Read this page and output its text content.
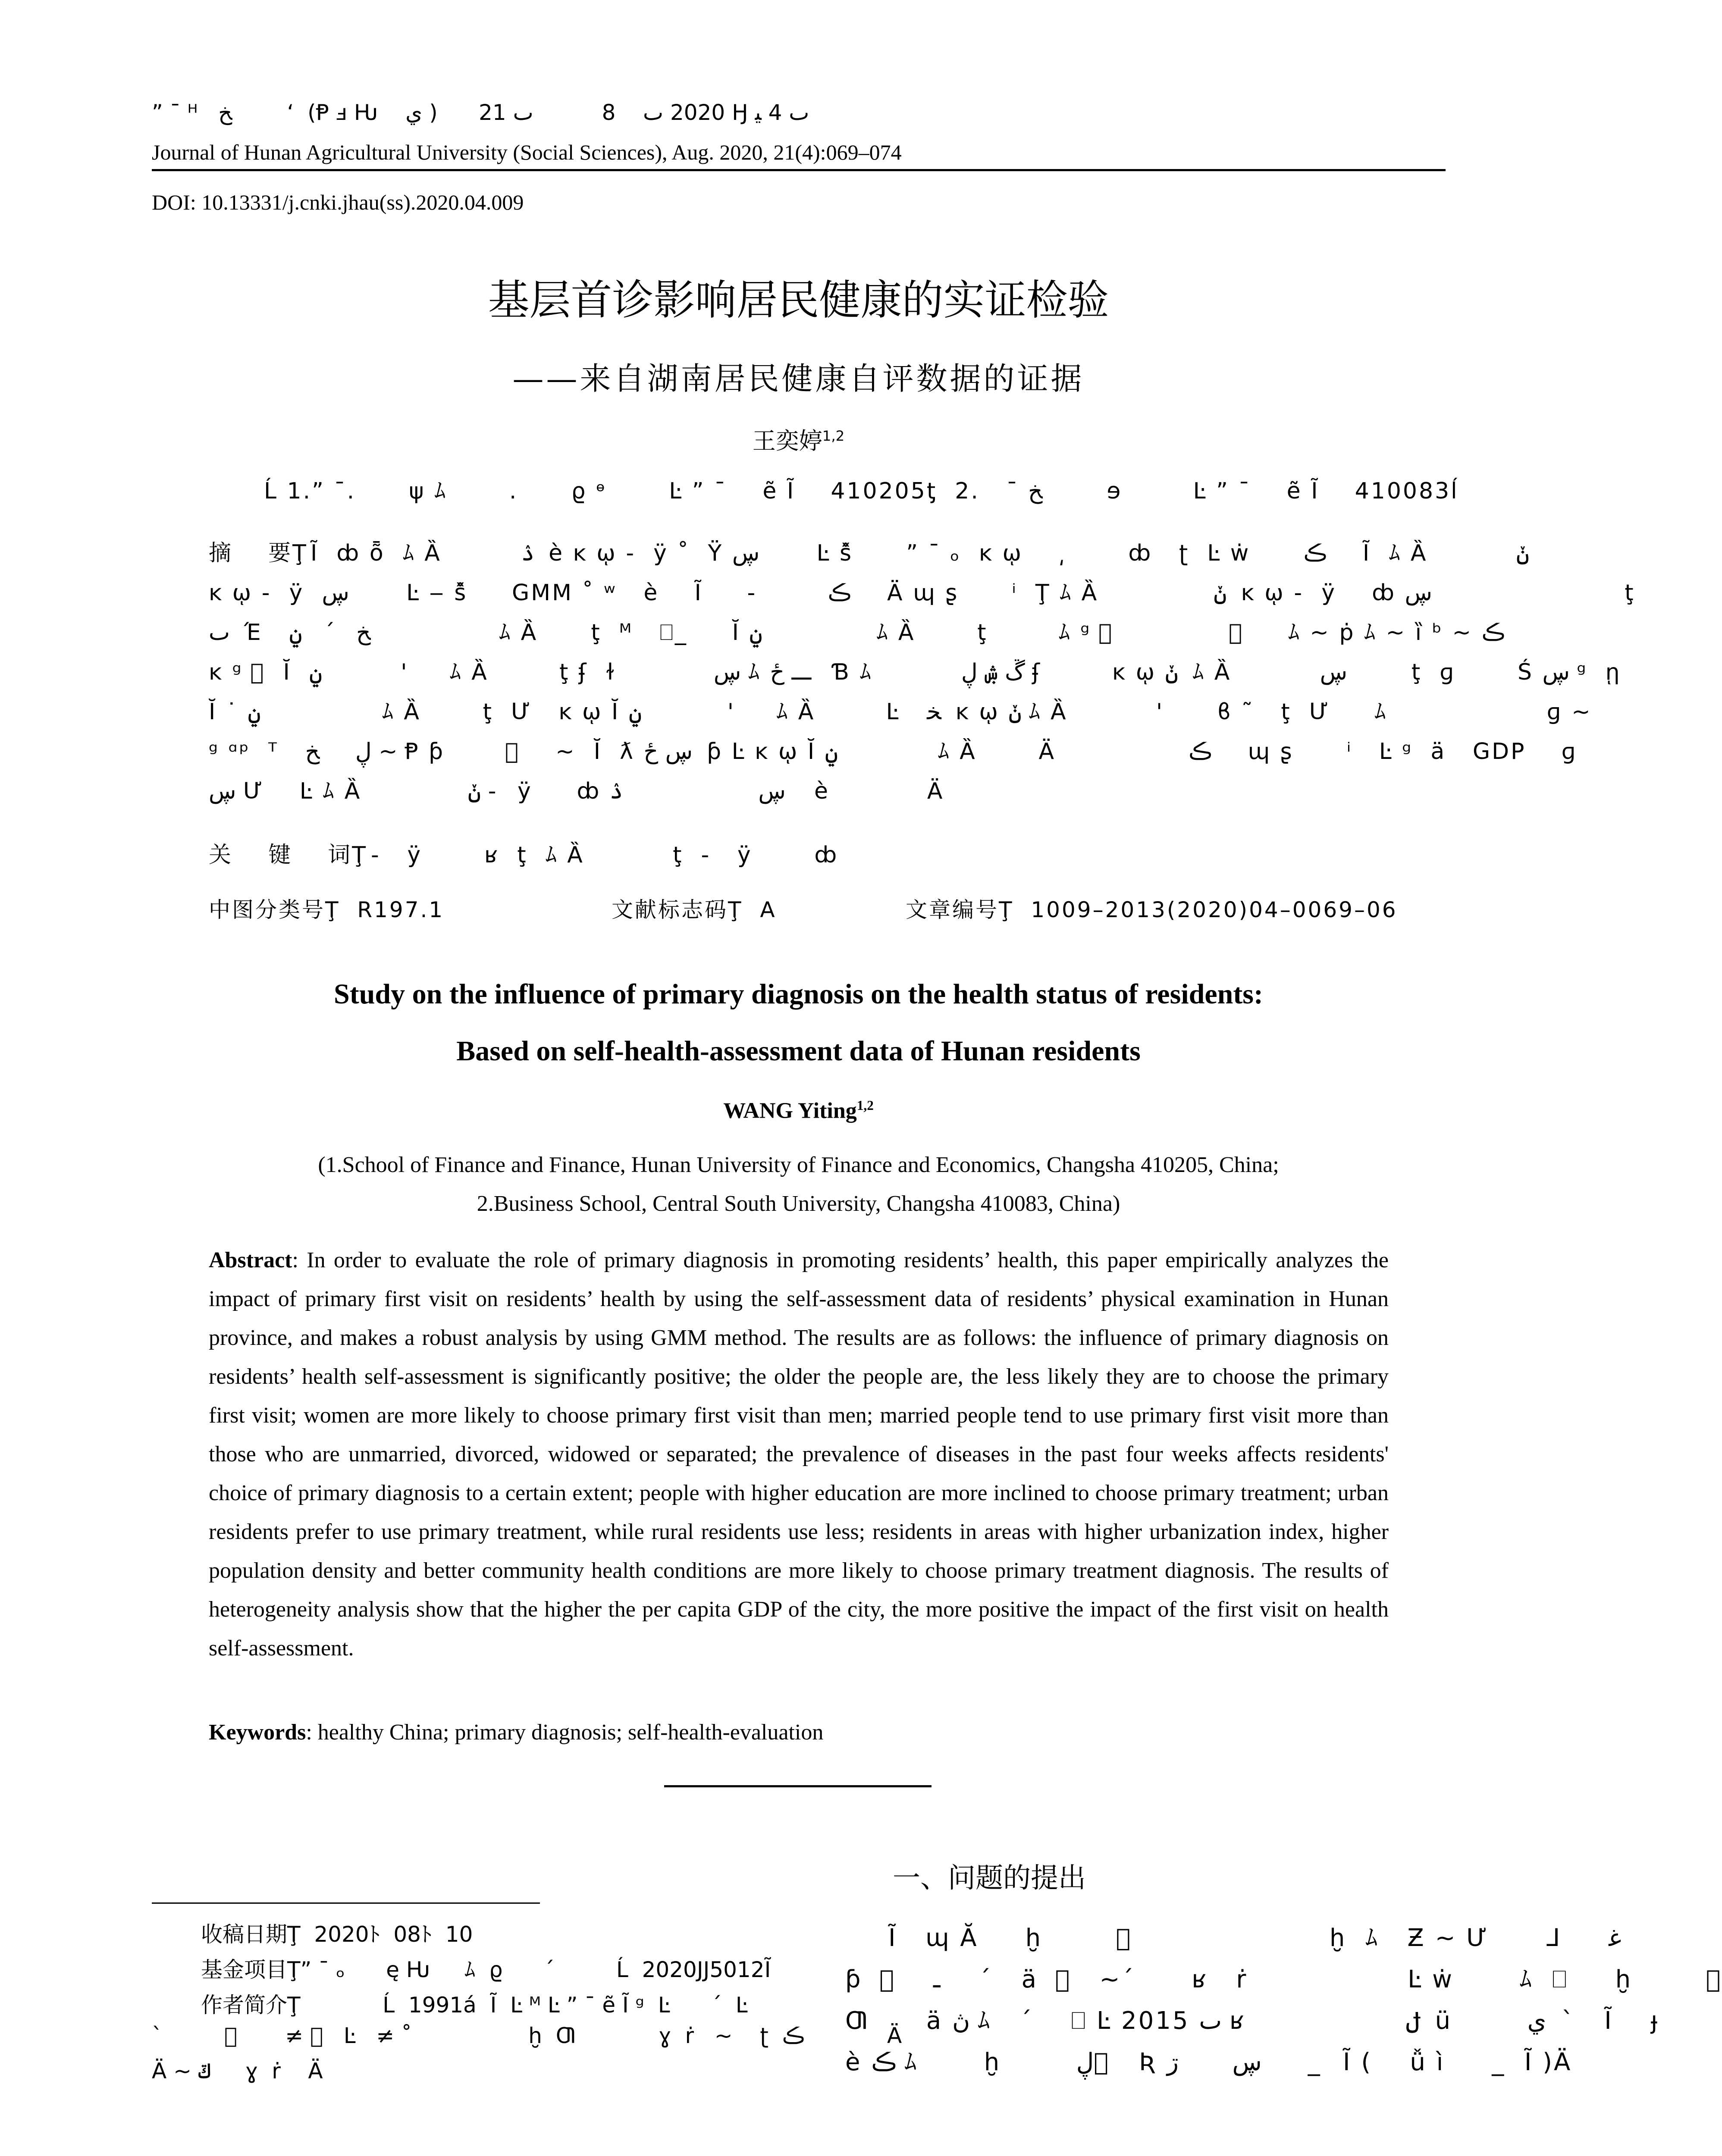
” ¯ ᴴ   ﺦ        ʻ  (Ᵽ ⅎ Ƕ    ي )      2020 ٮ    8          ٮ 21 Ꜧ ٮ 4 ﯿ
Journal of Hunan Agricultural University (Social Sciences), Aug. 2020, 21(4):069–074
DOI: 10.13331/j.cnki.jhau(ss).2020.04.009
基层首诊影响居民健康的实证检验
——来自湖南居民健康自评数据的证据
王奕婷$^{1,2}$
Ĺ 1.” ¯.      ψ ﾑ       .      ϱ ᶱ       Ŀ ” ¯    ẽ Ĩ    410205ƫ  2.   ¯ ﺦ         ɘ        Ŀ ” ¯    ẽ Ĩ    410083ĺ
摘    要Ţ Ĩ  ȸ ȭ  ﾑ Ȁ         ۮ  è ĸ ῳ -  ÿ ˚  Ÿ ڛ        Ŀ ŝ̌      ” ¯ ₒ  ĸ ῳ    ͵       ȸ   ʈ  Ŀ ẇ      ڪ     Ĩ  ﾑ Ȁ          ݩ
ĸ ῳ -  ÿ  ڛ        Ŀ ‒ ŝ̌     GMM ˚ ʷ   è    Ĩ     -        ڪ     Ä ɰ ʂ      ⁱ  Ţ ﾑ Ȁ             ݩ  ĸ ῳ -  ÿ    ȸ ڛ                           ţ
ٮ  Έ   ﺦ   ´   ݧ                  ﾑ Ȁ      ţ  ᴹ   ⎕_     Ĭ ݧ                ﾑ Ȁ       ţ        ﾑ ᵍ ᪶             ⎕     ﾑ ~ ṗ ﾑ ~ ȉ ᵇ ~ ڪ
ĸ ᵍ ᪶  Ĭ  ݧ           '      ﾑ Ȁ        ţ ʄ  ɫ           ڛ ﾑ ـــ ځ   Ɓ ﾑ          ڱ ۺ ڸ ʄ        ĸ ῳ ݩ  ﾑ Ȁ          ڛ         ţ  ɡ       Ś ڛ ᵍ  ῃ
Ĭ ˙ ݧ                 ﾑ Ȁ       ţ  Ư   ĸ ῳ Ĭ ݧ            '      ﾑ Ȁ        Ŀ   ﺨ  ĸ ῳ ݩ ﾑ Ȁ          '      ϐ ˜   ţ  Ư     ﾑ                  ɡ ~
ᵍ ᵅᵖ  ᵀ   ڸ     ﺦ ~ Ᵽ ƥ       ᪶    ~  Ĭ  ƛ ڛ ځ  ƥ Ŀ ĸ ῳ Ĭ ݧ              ﾑ Ȁ       Ä               ڪ     ɰ ʂ      ⁱ   Ŀ ᵍ  ä   GDP    ɡ
ڛ Ư    Ŀ ﾑ Ȁ            ݩ -   ÿ     ȸ ڛ                   ۮ    è           Ä
关    键    词Ţ -   ÿ       ʁ  ţ  ﾑ Ȁ          ţ  -   ÿ       ȸ
中图分类号Ţ  R197.1	文献标志码Ţ  A	文章编号Ţ  1009–2013(2020)04–0069–06
Study on the influence of primary diagnosis on the health status of residents:
Based on self-health-assessment data of Hunan residents
WANG Yiting$^{1,2}$
(1.School of Finance and Finance, Hunan University of Finance and Economics, Changsha 410205, China;
2.Business School, Central South University, Changsha 410083, China)
Abstract: In order to evaluate the role of primary diagnosis in promoting residents’ health, this paper empirically analyzes the impact of primary first visit on residents’ health by using the self-assessment data of residents’ physical examination in Hunan province, and makes a robust analysis by using GMM method. The results are as follows: the influence of primary diagnosis on residents’ health self-assessment is significantly positive; the older the people are, the less likely they are to choose the primary first visit; women are more likely to choose primary first visit than men; married people tend to use primary first visit more than those who are unmarried, divorced, widowed or separated; the prevalence of diseases in the past four weeks affects residents' choice of primary diagnosis to a certain extent; people with higher education are more inclined to choose primary treatment; urban residents prefer to use primary treatment, while rural residents use less; residents in areas with higher urbanization index, higher population density and better community health conditions are more likely to choose primary treatment diagnosis. The results of heterogeneity analysis show that the higher the per capita GDP of the city, the more positive the impact of the first visit on health self-assessment.
Keywords: healthy China; primary diagnosis; self-health-evaluation
收稿日期Ţ  2020ﾄ  08ﾄ  10
基金项目Ţ” ¯ ₒ      ę Ƕ     ﾑ  ϱ      ˊ         Ĺ  2020JJ5012Ĩ
作者简介Ţ            Ĺ  1991á  Ĩ  Ŀ ᴹ Ŀ ” ¯ ẽ Ĩ ᵍ  Ŀ      ´  Ŀ
ˋ         ᪶       ≠ ᪶   Ŀ   ≠ ˚                 ḫ  Ƣ            ɣ  ṙ   ~    ʈ  ڪ            Ä
Ä ~ ݿ     ɣ  ṙ    Ä
一、问题的提出
Ĩ   ɰ Ă     ḫ        ᪶                     ḫ  ﾑ   Ƶ ~ Ư      ᒧ     ﻏ
ƥ  ᪶    ـ     ´    ä  ᪶   ~ˊ      ʁ   ṙ                 Ŀ ẇ       ﾑ  ⎕     ḫ        ᪶
Ƣ      ä ڽ ﾑ   ˊ    ⎕ Ŀ 2015 ٮ ʁ                 ݪ  ü        ي  ˋ    Ĩ    ɟ
è ڪ ﾑ       ḫ        ڸ ᪶   Ʀ ڛ       ڗ      _   Ĩ (    ǚ ì     _  Ĩ )Ä
